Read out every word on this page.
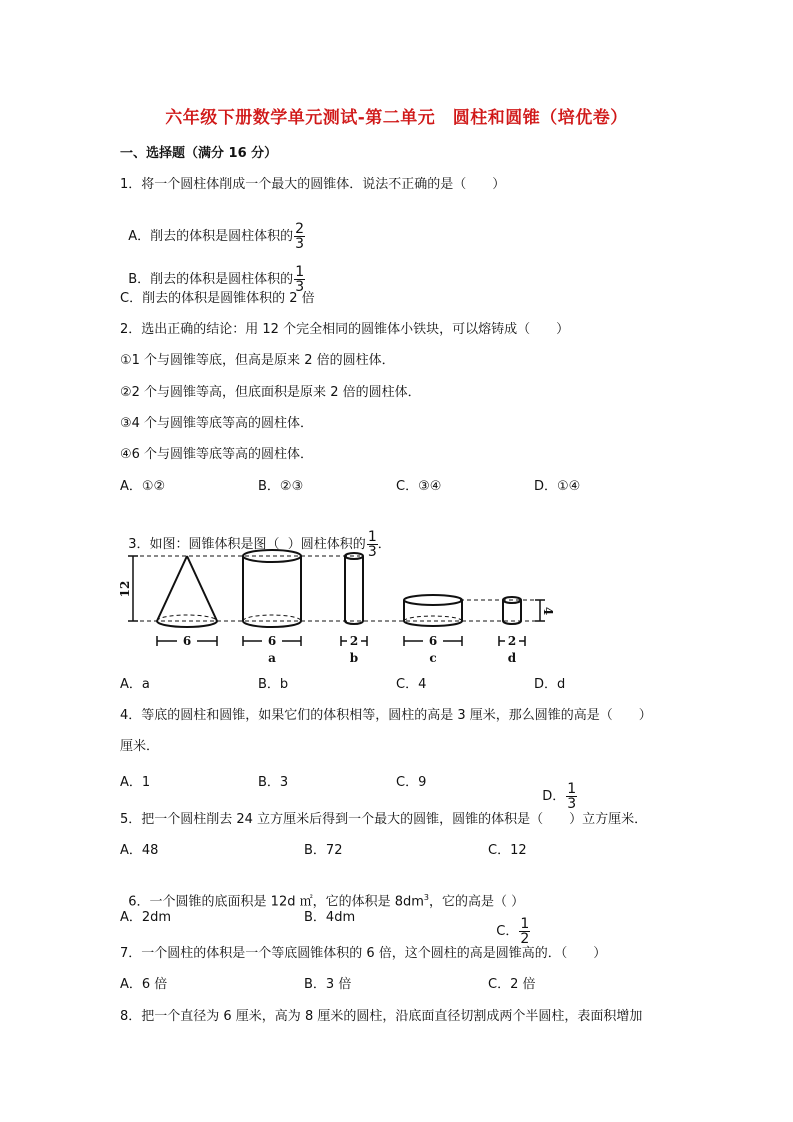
六年级下册数学单元测试-第二单元　圆柱和圆锥（培优卷）
一、选择题（满分 16 分）
1．将一个圆柱体削成一个最大的圆锥体．说法不正确的是（　　）

A．削去的体积是圆柱体积的 $\frac{2}{3}$

B．削去的体积是圆柱体积的 $\frac{1}{3}$

C．削去的体积是圆锥体积的 2 倍
2．选出正确的结论：用 12 个完全相同的圆锥体小铁块，可以熔铸成（　　）
①1 个与圆锥等底，但高是原来 2 倍的圆柱体．
②2 个与圆锥等高，但底面积是原来 2 倍的圆柱体．
③4 个与圆锥等底等高的圆柱体．
④6 个与圆锥等底等高的圆柱体．
A．①②	B．②③	C．③④	D．①④

3．如图：圆锥体积是图（  ）圆柱体积的 $\frac{1}{3}$ ．

12
4
6	6	2	6	2
a	b	c	d
A．a	B．b	C．4	D．d
4．等底的圆柱和圆锥，如果它们的体积相等，圆柱的高是 3 厘米，那么圆锥的高是（　　）
厘米．
A．1	B．3	C．9

D． $\frac{1}{3}$

5．把一个圆柱削去 24 立方厘米后得到一个最大的圆锥，圆锥的体积是（　　）立方厘米．
A．48	B．72	C．12

6．一个圆锥的底面积是 12d ㎡，它的体积是 $8dm^3$，它的高是（ ）

A．2dm	B．4dm

C． $\frac{1}{2}$

7．一个圆柱的体积是一个等底圆锥体积的 6 倍，这个圆柱的高是圆锥高的．（　　）
A．6 倍	B．3 倍	C．2 倍
8．把一个直径为 6 厘米，高为 8 厘米的圆柱，沿底面直径切割成两个半圆柱，表面积增加
